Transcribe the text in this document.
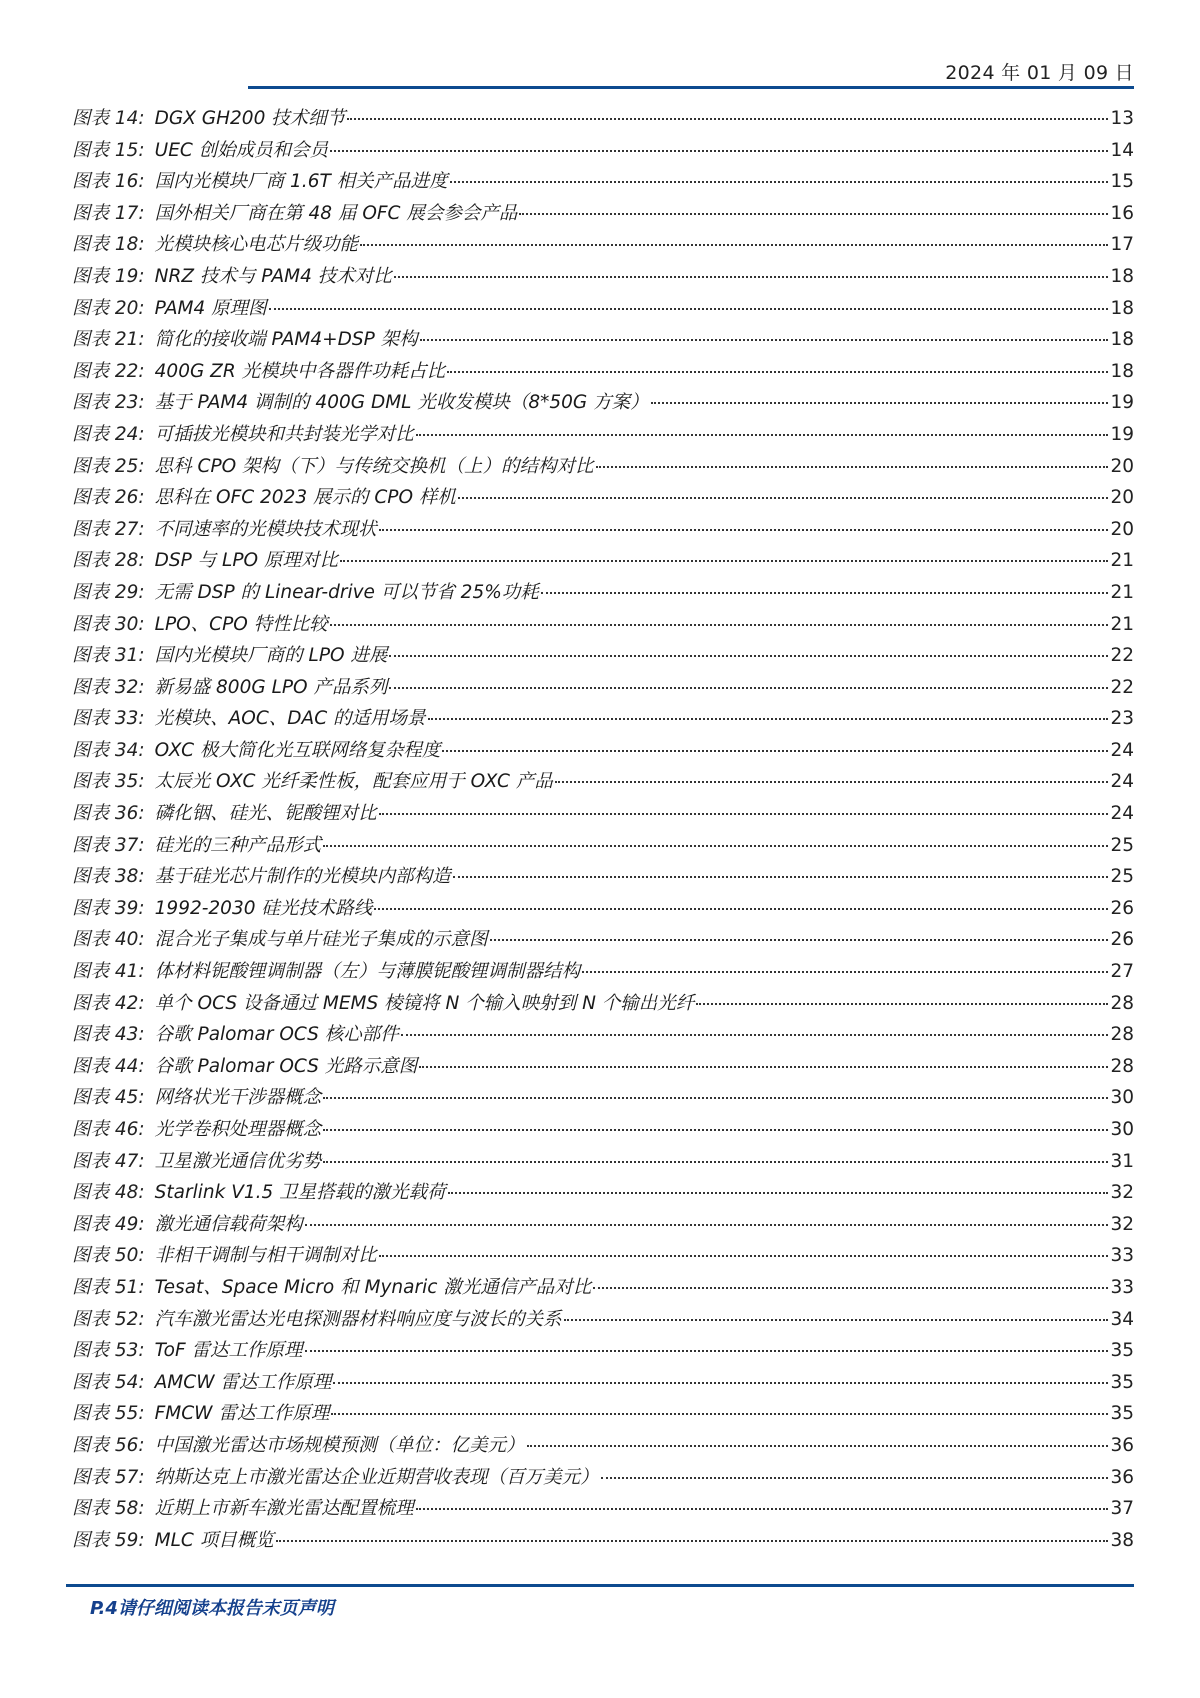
2024 年 01 月 09 日
图表 14: DGX GH200 技术细节	13
图表 15: UEC 创始成员和会员	14
图表 16: 国内光模块厂商 1.6T 相关产品进度	15
图表 17: 国外相关厂商在第 48 届 OFC 展会参会产品	16
图表 18: 光模块核心电芯片级功能	17
图表 19: NRZ 技术与 PAM4 技术对比	18
图表 20: PAM4 原理图	18
图表 21: 简化的接收端 PAM4+DSP 架构	18
图表 22: 400G ZR 光模块中各器件功耗占比	18
图表 23: 基于 PAM4 调制的 400G DML 光收发模块（8*50G 方案）	19
图表 24: 可插拔光模块和共封装光学对比	19
图表 25: 思科 CPO 架构（下）与传统交换机（上）的结构对比	20
图表 26: 思科在 OFC 2023 展示的 CPO 样机	20
图表 27: 不同速率的光模块技术现状	20
图表 28: DSP 与 LPO 原理对比	21
图表 29: 无需 DSP 的 Linear-drive 可以节省 25%功耗	21
图表 30: LPO、CPO 特性比较	21
图表 31: 国内光模块厂商的 LPO 进展	22
图表 32: 新易盛 800G LPO 产品系列	22
图表 33: 光模块、AOC、DAC 的适用场景	23
图表 34: OXC 极大简化光互联网络复杂程度	24
图表 35: 太辰光 OXC 光纤柔性板，配套应用于 OXC 产品	24
图表 36: 磷化铟、硅光、铌酸锂对比	24
图表 37: 硅光的三种产品形式	25
图表 38: 基于硅光芯片制作的光模块内部构造	25
图表 39: 1992-2030 硅光技术路线	26
图表 40: 混合光子集成与单片硅光子集成的示意图	26
图表 41: 体材料铌酸锂调制器（左）与薄膜铌酸锂调制器结构	27
图表 42: 单个 OCS 设备通过 MEMS 棱镜将 N 个输入映射到 N 个输出光纤	28
图表 43: 谷歌 Palomar OCS 核心部件	28
图表 44: 谷歌 Palomar OCS 光路示意图	28
图表 45: 网络状光干涉器概念	30
图表 46: 光学卷积处理器概念	30
图表 47: 卫星激光通信优劣势	31
图表 48: Starlink V1.5 卫星搭载的激光载荷	32
图表 49: 激光通信载荷架构	32
图表 50: 非相干调制与相干调制对比	33
图表 51: Tesat、Space Micro 和 Mynaric 激光通信产品对比	33
图表 52: 汽车激光雷达光电探测器材料响应度与波长的关系	34
图表 53: ToF 雷达工作原理	35
图表 54: AMCW 雷达工作原理	35
图表 55: FMCW 雷达工作原理	35
图表 56: 中国激光雷达市场规模预测（单位：亿美元）	36
图表 57: 纳斯达克上市激光雷达企业近期营收表现（百万美元）	36
图表 58: 近期上市新车激光雷达配置梳理	37
图表 59: MLC 项目概览	38
P.4请仔细阅读本报告末页声明
